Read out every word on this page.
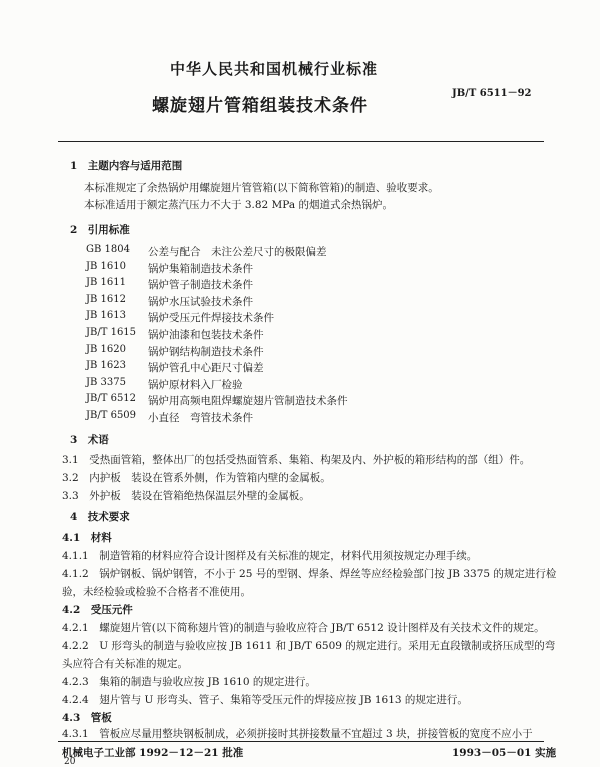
中华人民共和国机械行业标准
JB/T 6511－92
螺旋翅片管箱组装技术条件
1　主题内容与适用范围
本标准规定了余热锅炉用螺旋翅片管管箱(以下简称管箱)的制造、验收要求。
本标准适用于额定蒸汽压力不大于 3.82 MPa 的烟道式余热锅炉。
2　引用标准
GB 1804 公差与配合　未注公差尺寸的极限偏差
JB 1610 锅炉集箱制造技术条件
JB 1611 锅炉管子制造技术条件
JB 1612 锅炉水压试验技术条件
JB 1613 锅炉受压元件焊接技术条件
JB/T 1615 锅炉油漆和包装技术条件
JB 1620 锅炉钢结构制造技术条件
JB 1623 锅炉管孔中心距尺寸偏差
JB 3375 锅炉原材料入厂检验
JB/T 6512 锅炉用高频电阻焊螺旋翅片管制造技术条件
JB/T 6509 小直径　弯管技术条件
3　术语
3.1　受热面管箱，整体出厂的包括受热面管系、集箱、构架及内、外护板的箱形结构的部（组）件。
3.2　内护板　装设在管系外侧，作为管箱内壁的金属板。
3.3　外护板　装设在管箱绝热保温层外壁的金属板。
4　技术要求
4.1　材料
4.1.1　制造管箱的材料应符合设计图样及有关标准的规定，材料代用须按规定办理手续。
4.1.2　锅炉钢板、锅炉钢管，不小于 25 号的型钢、焊条、焊丝等应经检验部门按 JB 3375 的规定进行检
验，未经检验或检验不合格者不准使用。
4.2　受压元件
4.2.1　螺旋翅片管(以下简称翅片管)的制造与验收应符合 JB/T 6512 设计图样及有关技术文件的规定。
4.2.2　U 形弯头的制造与验收应按 JB 1611 和 JB/T 6509 的规定进行。采用无直段镦制或挤压成型的弯
头应符合有关标准的规定。
4.2.3　集箱的制造与验收应按 JB 1610 的规定进行。
4.2.4　翅片管与 U 形弯头、管子、集箱等受压元件的焊接应按 JB 1613 的规定进行。
4.3　管板
4.3.1　管板应尽量用整块钢板制成，必须拼接时其拼接数量不宜超过 3 块，拼接管板的宽度不应小于
机械电子工业部 1992－12－21 批准	1993－05－01 实施
20
